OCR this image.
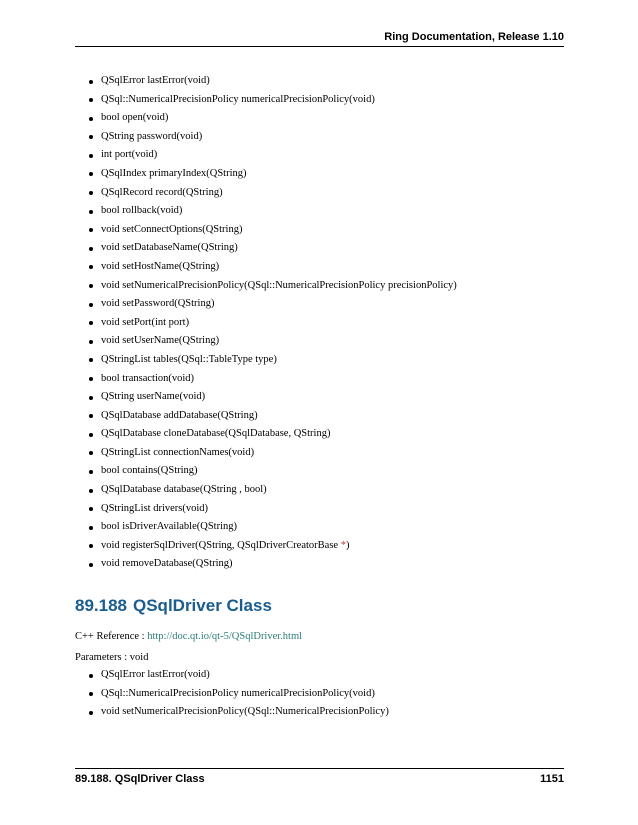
Ring Documentation, Release 1.10
QSqlError lastError(void)
QSql::NumericalPrecisionPolicy numericalPrecisionPolicy(void)
bool open(void)
QString password(void)
int port(void)
QSqlIndex primaryIndex(QString)
QSqlRecord record(QString)
bool rollback(void)
void setConnectOptions(QString)
void setDatabaseName(QString)
void setHostName(QString)
void setNumericalPrecisionPolicy(QSql::NumericalPrecisionPolicy precisionPolicy)
void setPassword(QString)
void setPort(int port)
void setUserName(QString)
QStringList tables(QSql::TableType type)
bool transaction(void)
QString userName(void)
QSqlDatabase addDatabase(QString)
QSqlDatabase cloneDatabase(QSqlDatabase, QString)
QStringList connectionNames(void)
bool contains(QString)
QSqlDatabase database(QString , bool)
QStringList drivers(void)
bool isDriverAvailable(QString)
void registerSqlDriver(QString, QSqlDriverCreatorBase *)
void removeDatabase(QString)
89.188 QSqlDriver Class
C++ Reference : http://doc.qt.io/qt-5/QSqlDriver.html
Parameters : void
QSqlError lastError(void)
QSql::NumericalPrecisionPolicy numericalPrecisionPolicy(void)
void setNumericalPrecisionPolicy(QSql::NumericalPrecisionPolicy)
89.188. QSqlDriver Class	1151
